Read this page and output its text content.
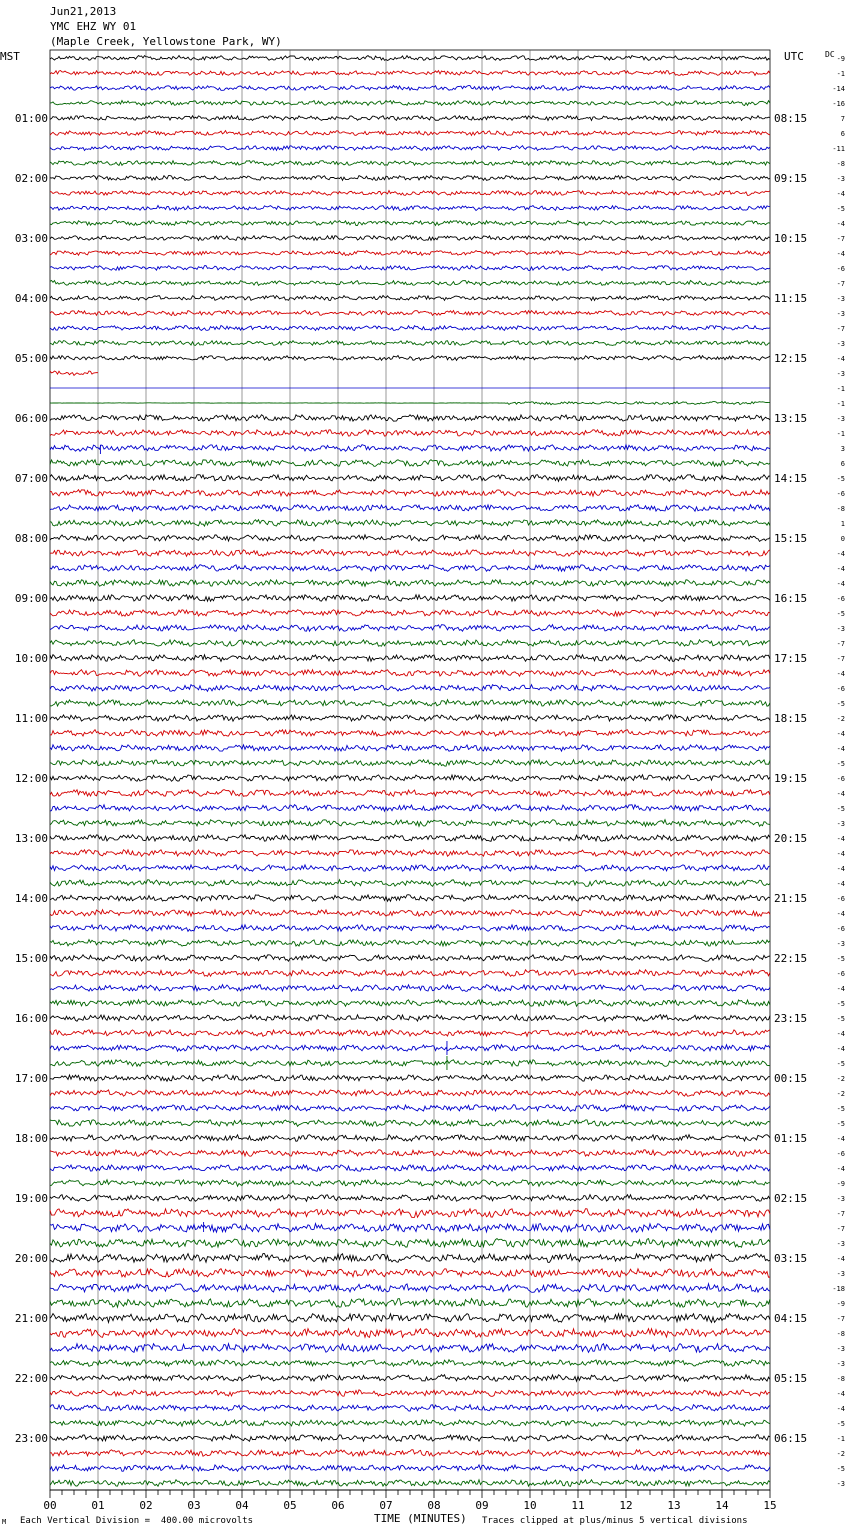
Jun21,2013
YMC EHZ WY 01
(Maple Creek, Yellowstone Park, WY)
MST	UTC	DC
01:00	08:15
02:00	09:15
03:00	10:15
04:00	11:15
05:00	12:15
06:00	13:15
07:00	14:15
08:00	15:15
09:00	16:15
10:00	17:15
11:00	18:15
12:00	19:15
13:00	20:15
14:00	21:15
15:00	22:15
16:00	23:15
17:00	00:15
18:00	01:15
19:00	02:15
20:00	03:15
21:00	04:15
22:00	05:15
23:00	06:15
-9
-1
-14
-16
7
6
-11
-8
-3
-4
-5
-4
-7
-4
-6
-7
-3
-3
-7
-3
-4
-3
-1
-1
-3
-1
3
6
-5
-6
-8
1
0
-4
-4
-4
-6
-5
-3
-7
-7
-4
-6
-5
-2
-4
-4
-5
-6
-4
-5
-3
-4
-4
-4
-4
-6
-4
-6
-3
-5
-6
-4
-5
-5
-4
-4
-5
-2
-2
-5
-5
-4
-6
-4
-9
-3
-7
-7
-3
-4
-3
-18
-9
-7
-8
-3
-3
-8
-4
-4
-5
-1
-2
-5
-3
00	01	02	03	04	05	06	07	08	09	10	11	12	13	14	15
M Each Vertical Division =  400.00 microvolts	TIME (MINUTES) Traces clipped at plus/minus 5 vertical divisions
